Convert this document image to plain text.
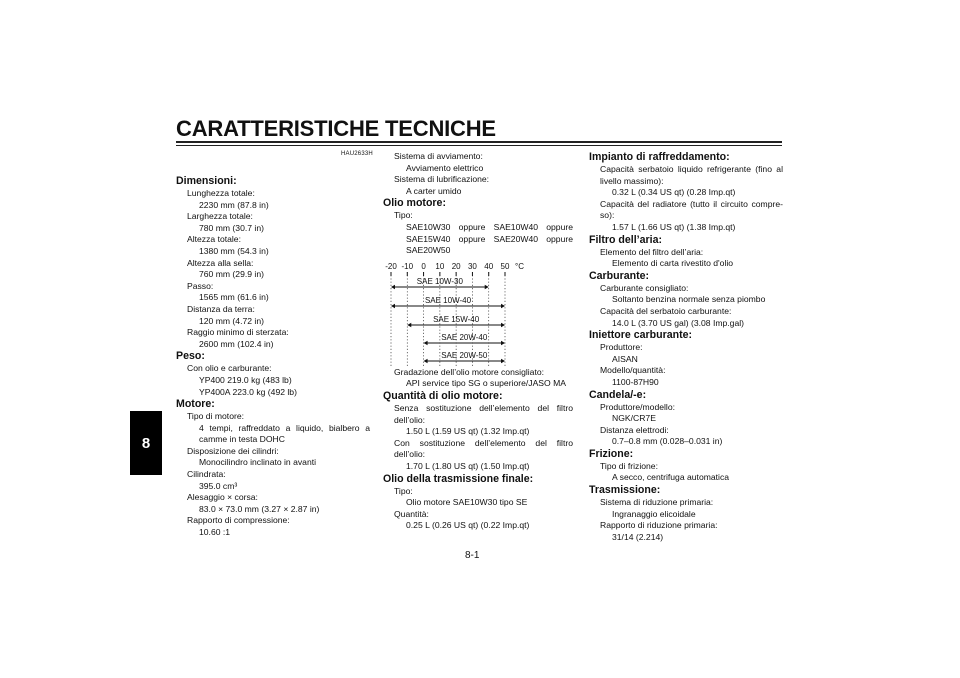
CARATTERISTICHE TECNICHE
8
8-1
HAU2633H
Dimensioni:
Lunghezza totale:
2230 mm (87.8 in)
Larghezza totale:
780 mm (30.7 in)
Altezza totale:
1380 mm (54.3 in)
Altezza alla sella:
760 mm (29.9 in)
Passo:
1565 mm (61.6 in)
Distanza da terra:
120 mm (4.72 in)
Raggio minimo di sterzata:
2600 mm (102.4 in)
Peso:
Con olio e carburante:
YP400 219.0 kg (483 lb)
YP400A 223.0 kg (492 lb)
Motore:
Tipo di motore:
4 tempi, raffreddato a liquido, bialbero a
camme in testa DOHC
Disposizione dei cilindri:
Monocilindro inclinato in avanti
Cilindrata:
395.0 cm³
Alesaggio × corsa:
83.0 × 73.0 mm (3.27 × 2.87 in)
Rapporto di compressione:
10.60 :1
Sistema di avviamento:
Avviamento elettrico
Sistema di lubrificazione:
A carter umido
Olio motore:
Tipo:
SAE10W30 oppure SAE10W40 oppure
SAE15W40 oppure SAE20W40 oppure
SAE20W50
-20 -10 0 10 20 30 40 50 °C
SAE 10W-30
SAE 10W-40
SAE 15W-40
SAE 20W-40
SAE 20W-50
Gradazione dell’olio motore consigliato:
API service tipo SG o superiore/JASO MA
Quantità di olio motore:
Senza sostituzione dell’elemento del filtro
dell’olio:
1.50 L (1.59 US qt) (1.32 Imp.qt)
Con sostituzione dell’elemento del filtro
dell’olio:
1.70 L (1.80 US qt) (1.50 Imp.qt)
Olio della trasmissione finale:
Tipo:
Olio motore SAE10W30 tipo SE
Quantità:
0.25 L (0.26 US qt) (0.22 Imp.qt)
Impianto di raffreddamento:
Capacità serbatoio liquido refrigerante (fino al
livello massimo):
0.32 L (0.34 US qt) (0.28 Imp.qt)
Capacità del radiatore (tutto il circuito compre-
so):
1.57 L (1.66 US qt) (1.38 Imp.qt)
Filtro dell’aria:
Elemento del filtro dell’aria:
Elemento di carta rivestito d'olio
Carburante:
Carburante consigliato:
Soltanto benzina normale senza piombo
Capacità del serbatoio carburante:
14.0 L (3.70 US gal) (3.08 Imp.gal)
Iniettore carburante:
Produttore:
AISAN
Modello/quantità:
1100-87H90
Candela/-e:
Produttore/modello:
NGK/CR7E
Distanza elettrodi:
0.7–0.8 mm (0.028–0.031 in)
Frizione:
Tipo di frizione:
A secco, centrifuga automatica
Trasmissione:
Sistema di riduzione primaria:
Ingranaggio elicoidale
Rapporto di riduzione primaria:
31/14 (2.214)
